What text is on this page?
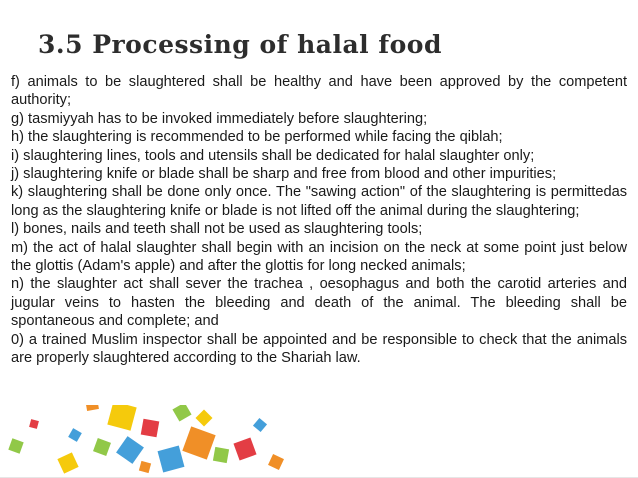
3.5 Processing of halal food

f) animals to be slaughtered shall be healthy and have been approved by the competent authority;

g) tasmiyyah has to be invoked immediately before slaughtering;

h) the slaughtering is recommended to be performed while facing the qiblah;

i) slaughtering lines, tools and utensils shall be dedicated for halal slaughter only;

j) slaughtering knife or blade shall be sharp and free from blood and other impurities;

k) slaughtering shall be done only once. The "sawing action" of the slaughtering is permittedas long as the slaughtering knife or blade is not lifted off the animal during the slaughtering;

l) bones, nails and teeth shall not be used as slaughtering tools;

m) the act of halal slaughter shall begin with an incision on the neck at some point just below the glottis (Adam's apple) and after the glottis for long necked animals;

n) the slaughter act shall sever the trachea , oesophagus and both the carotid arteries and jugular veins to hasten the bleeding and death of the animal. The bleeding shall be spontaneous and complete; and

0) a trained Muslim inspector shall be appointed and be responsible to check that the animals are properly slaughtered according to the Shariah law.
